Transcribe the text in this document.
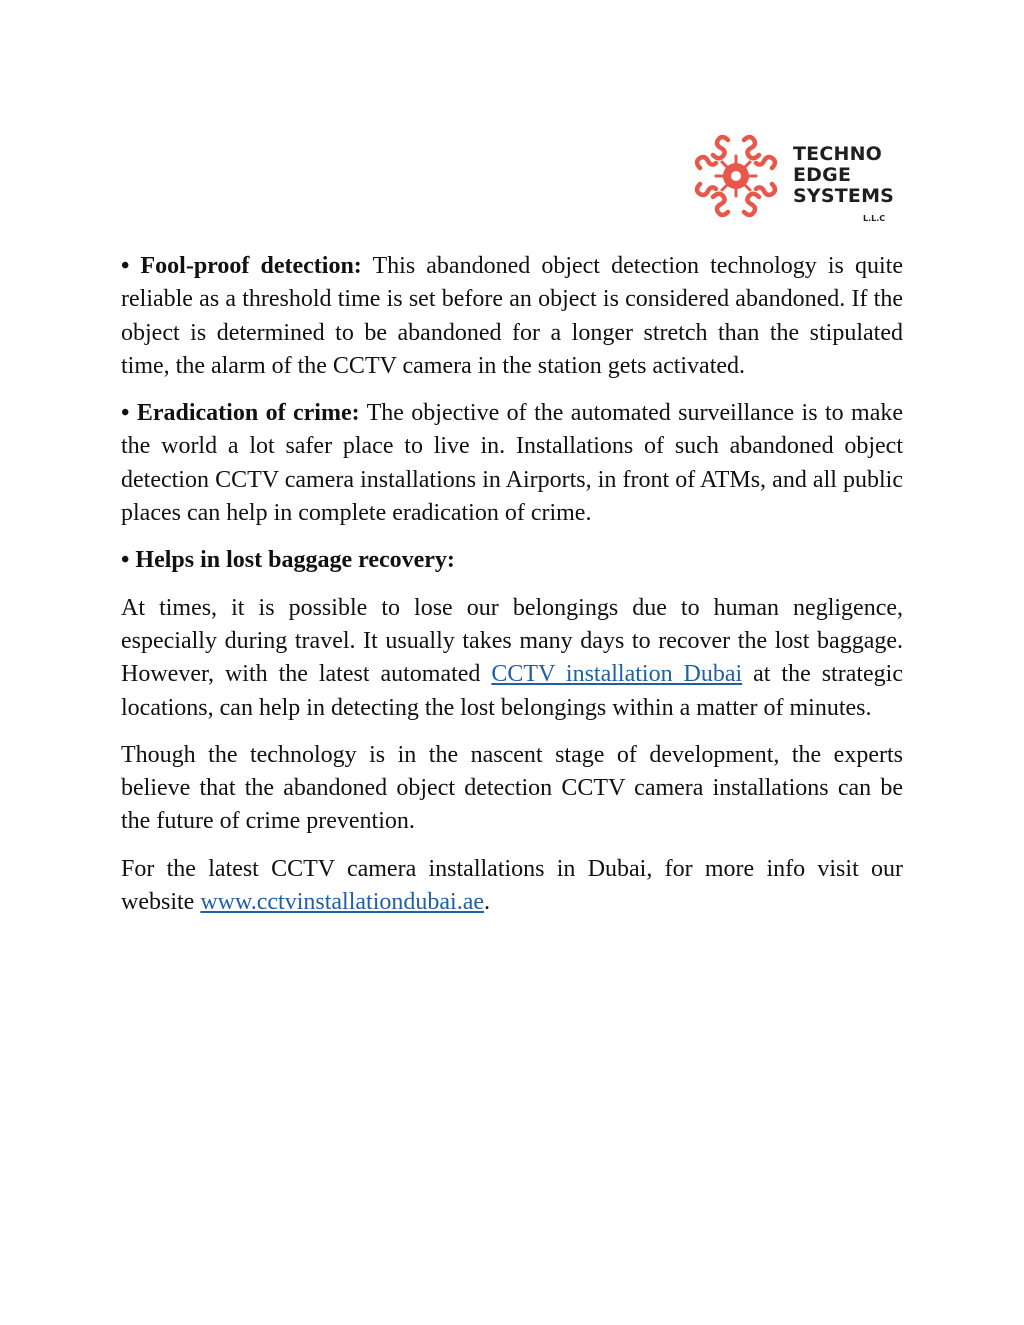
TECHNO
EDGE
SYSTEMS
L.L.C

• Fool-proof detection: This abandoned object detection technology is quite reliable as a threshold time is set before an object is considered abandoned. If the object is determined to be abandoned for a longer stretch than the stipulated time, the alarm of the CCTV camera in the station gets activated.

• Eradication of crime: The objective of the automated surveillance is to make the world a lot safer place to live in. Installations of such abandoned object detection CCTV camera installations in Airports, in front of ATMs, and all public places can help in complete eradication of crime.

• Helps in lost baggage recovery:

At times, it is possible to lose our belongings due to human negligence, especially during travel. It usually takes many days to recover the lost baggage. However, with the latest automated CCTV installation Dubai at the strategic locations, can help in detecting the lost belongings within a matter of minutes.

Though the technology is in the nascent stage of development, the experts believe that the abandoned object detection CCTV camera installations can be the future of crime prevention.

For the latest CCTV camera installations in Dubai, for more info visit our website www.cctvinstallationdubai.ae.
